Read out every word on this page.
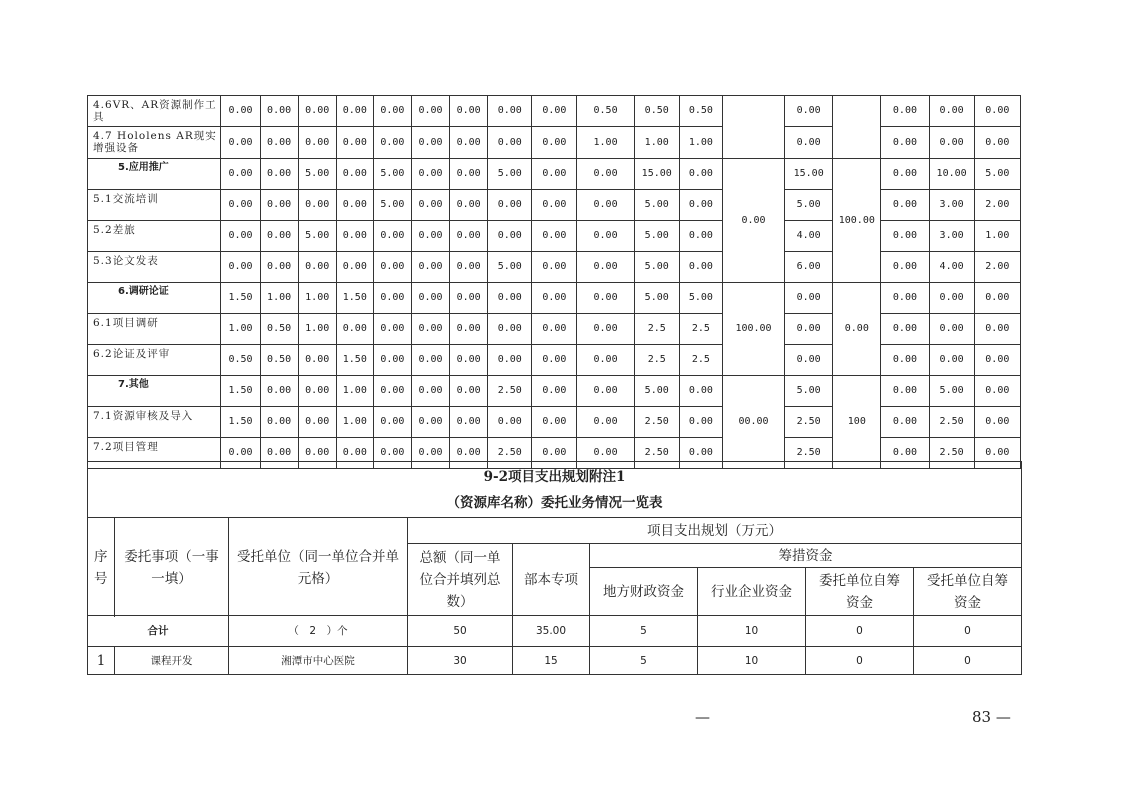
4.6VR、AR资源制作工具	0.00	0.00	0.00	0.00	0.00	0.00	0.00	0.00	0.00	0.50	0.50	0.50		0.00		0.00	0.00	0.00
4.7 Hololens AR现实增强设备	0.00	0.00	0.00	0.00	0.00	0.00	0.00	0.00	0.00	1.00	1.00	1.00		0.00		0.00	0.00	0.00
5.应用推广	0.00	0.00	5.00	0.00	5.00	0.00	0.00	5.00	0.00	0.00	15.00	0.00	0.00	15.00	100.00	0.00	10.00	5.00
5.1交流培训	0.00	0.00	0.00	0.00	5.00	0.00	0.00	0.00	0.00	0.00	5.00	0.00		5.00		0.00	3.00	2.00
5.2差旅	0.00	0.00	5.00	0.00	0.00	0.00	0.00	0.00	0.00	0.00	5.00	0.00		4.00		0.00	3.00	1.00
5.3论文发表	0.00	0.00	0.00	0.00	0.00	0.00	0.00	5.00	0.00	0.00	5.00	0.00		6.00		0.00	4.00	2.00
6.调研论证	1.50	1.00	1.00	1.50	0.00	0.00	0.00	0.00	0.00	0.00	5.00	5.00	100.00	0.00	0.00	0.00	0.00	0.00
6.1项目调研	1.00	0.50	1.00	0.00	0.00	0.00	0.00	0.00	0.00	0.00	2.5	2.5		0.00		0.00	0.00	0.00
6.2论证及评审	0.50	0.50	0.00	1.50	0.00	0.00	0.00	0.00	0.00	0.00	2.5	2.5		0.00		0.00	0.00	0.00
7.其他	1.50	0.00	0.00	1.00	0.00	0.00	0.00	2.50	0.00	0.00	5.00	0.00	00.00	5.00	100	0.00	5.00	0.00
7.1资源审核及导入	1.50	0.00	0.00	1.00	0.00	0.00	0.00	0.00	0.00	0.00	2.50	0.00		2.50		0.00	2.50	0.00
7.2项目管理	0.00	0.00	0.00	0.00	0.00	0.00	0.00	2.50	0.00	0.00	2.50	0.00		2.50		0.00	2.50	0.00
9-2项目支出规划附注1
（资源库名称）委托业务情况一览表								

序号	委托事项（一事一填）	受托单位（同一单位合并单元格）	项目支出规划（万元）					
			总额（同一单位合并填列总数）	部本专项	筹措资金			
					地方财政资金	行业企业资金	委托单位自筹资金	受托单位自筹资金

合计		（　2　）个	50	35.00	5	10	0	0
1	课程开发	湘潭市中心医院	30	15	5	10	0	0
—	83 —
